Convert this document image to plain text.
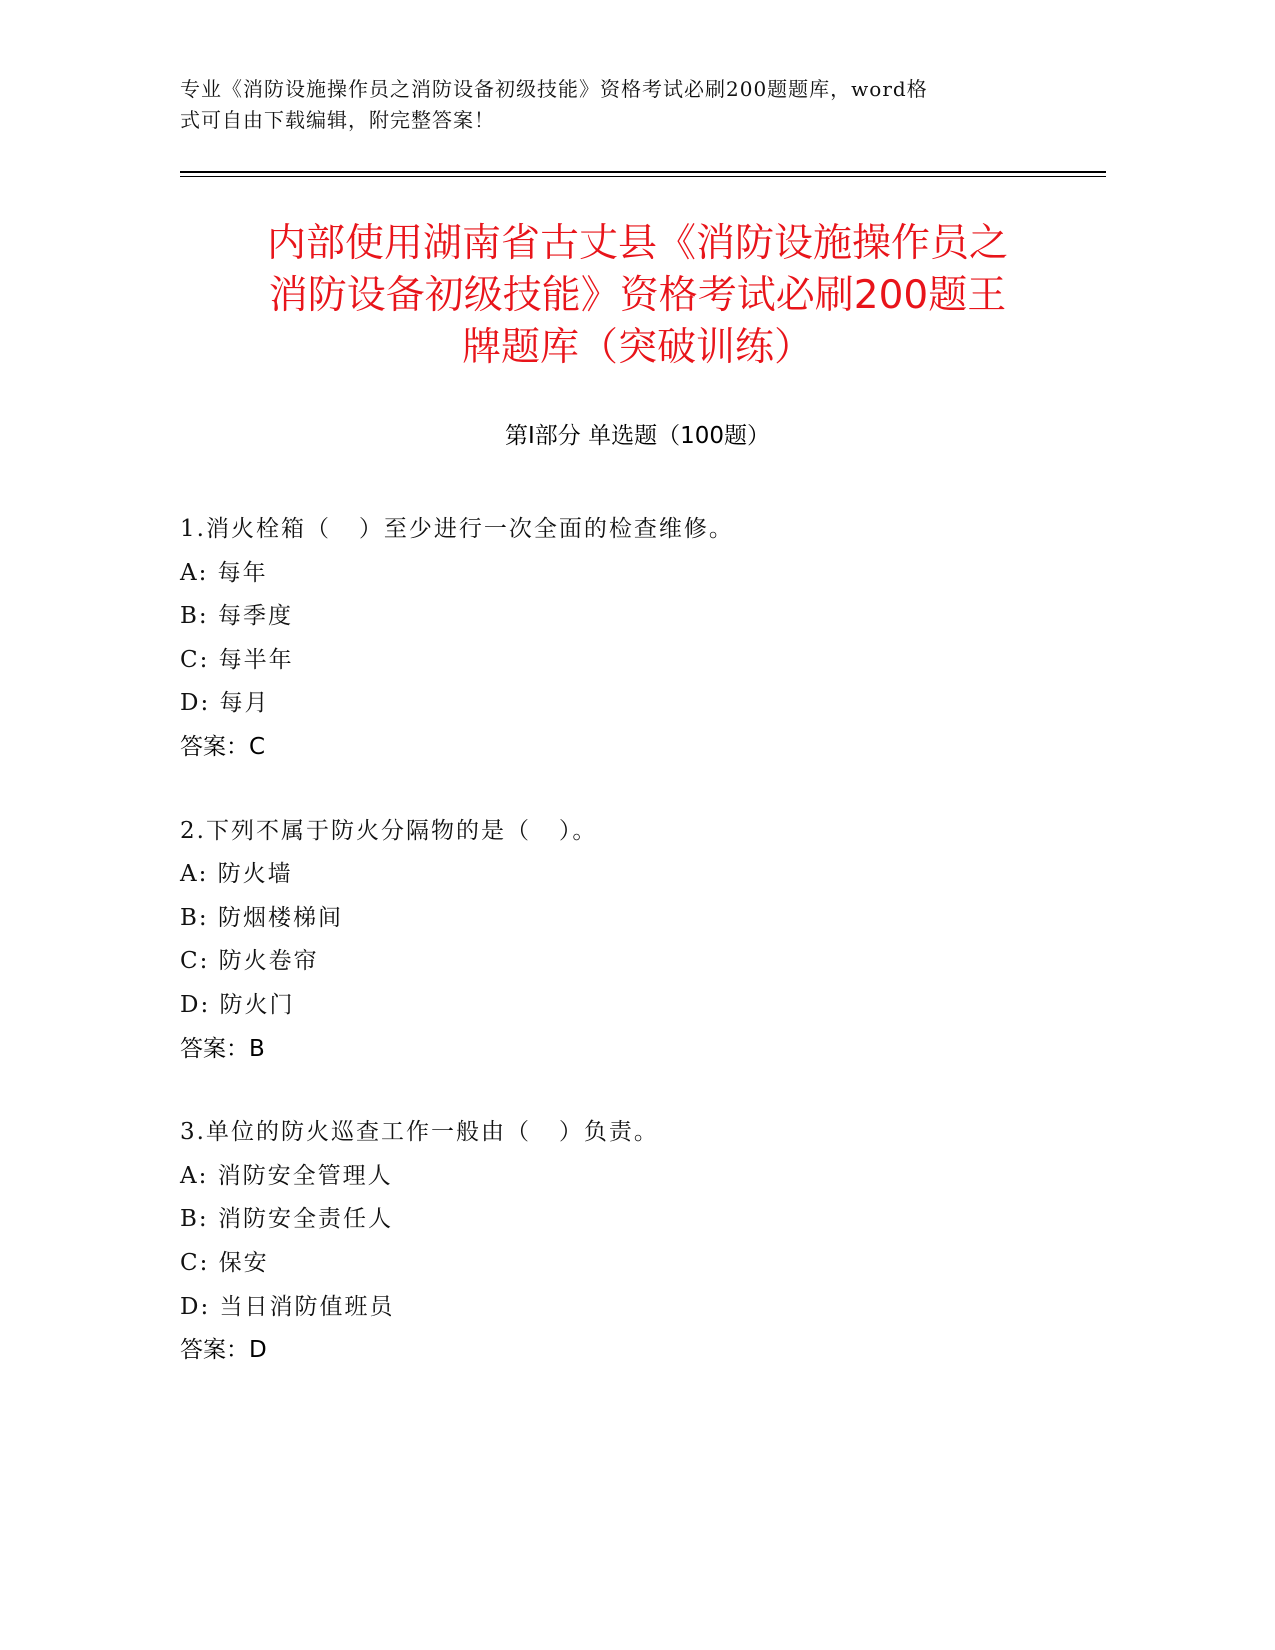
专业《消防设施操作员之消防设备初级技能》资格考试必刷200题题库，word格
式可自由下载编辑，附完整答案！
内部使用湖南省古丈县《消防设施操作员之
消防设备初级技能》资格考试必刷200题王
牌题库（突破训练）
第Ⅰ部分 单选题（100题）
1.消火栓箱（   ）至少进行一次全面的检查维修。
A: 每年
B: 每季度
C: 每半年
D: 每月
答案：C
2.下列不属于防火分隔物的是（   ）。
A: 防火墙
B: 防烟楼梯间
C: 防火卷帘
D: 防火门
答案：B
3.单位的防火巡查工作一般由（   ）负责。
A: 消防安全管理人
B: 消防安全责任人
C: 保安
D: 当日消防值班员
答案：D
